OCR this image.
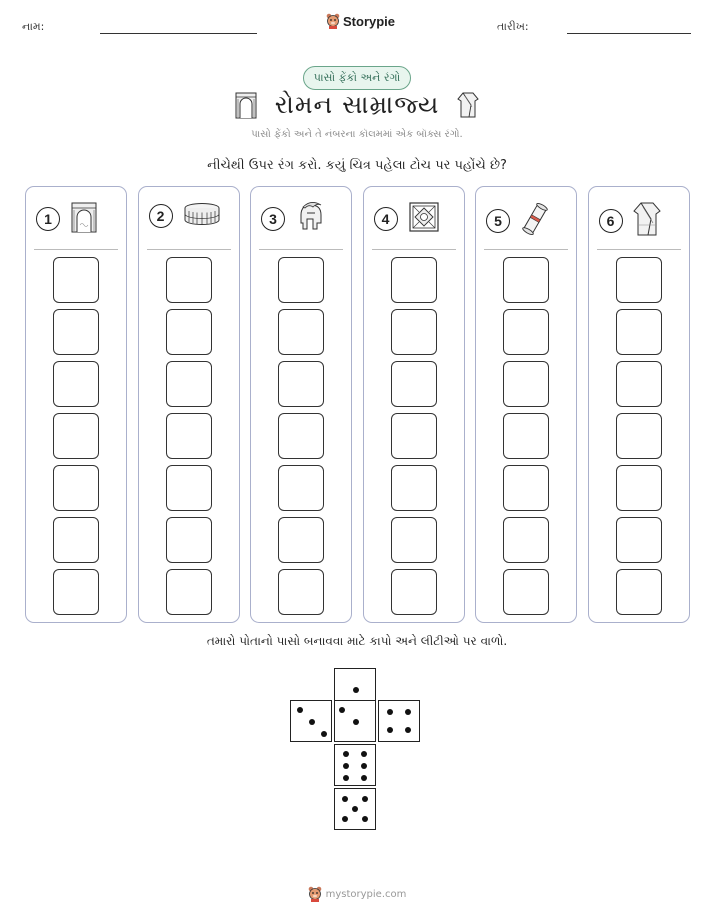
નામ:	Storypie	તારીખ:
પાસો ફેંકો અને રંગો
રોમન સામ્રાજ્ય
પાસો ફેંકો અને તે નંબરના કૉલમમાં એક બૉક્સ રંગો.
નીચેથી ઉપર રંગ કરો. કયું ચિત્ર પહેલા ટોચ પર પહોંચે છે?
1	2	3	4	5	6
તમારો પોતાનો પાસો બનાવવા માટે કાપો અને લીટીઓ પર વાળો.
mystorypie.com
